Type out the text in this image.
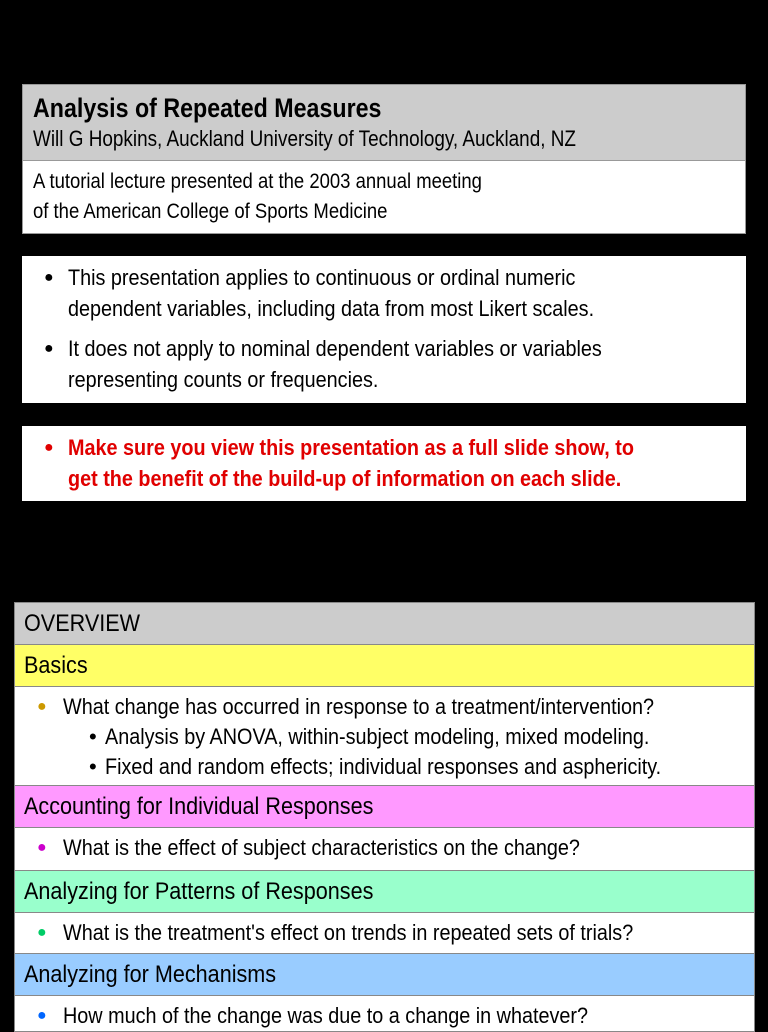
Analysis of Repeated Measures
Will G Hopkins, Auckland University of Technology, Auckland, NZ
A tutorial lecture presented at the 2003 annual meeting
of the American College of Sports Medicine
● This presentation applies to continuous or ordinal numeric
dependent variables, including data from most Likert scales.
● It does not apply to nominal dependent variables or variables
representing counts or frequencies.
● Make sure you view this presentation as a full slide show, to
get the benefit of the build-up of information on each slide.
OVERVIEW
Basics
● What change has occurred in response to a treatment/intervention?
• Analysis by ANOVA, within-subject modeling, mixed modeling.
• Fixed and random effects; individual responses and asphericity.
Accounting for Individual Responses
● What is the effect of subject characteristics on the change?
Analyzing for Patterns of Responses
● What is the treatment's effect on trends in repeated sets of trials?
Analyzing for Mechanisms
● How much of the change was due to a change in whatever?
